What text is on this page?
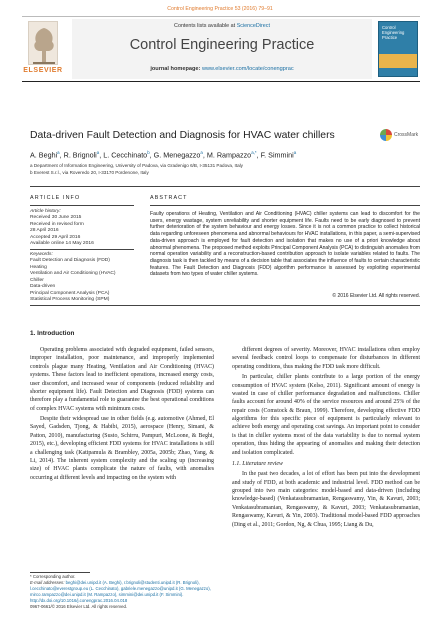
Control Engineering Practice 53 (2016) 79–91
ELSEVIER
Contents lists available at ScienceDirect
Control Engineering Practice
journal homepage: www.elsevier.com/locate/conengprac
Control Engineering Practice
Data-driven Fault Detection and Diagnosis for HVAC water chillers	CrossMark
A. Beghi$^a$, R. Brignoli$^a$, L. Cecchinato$^b$, G. Menegazzo$^a$, M. Rampazzo$^{a,*}$, F. Simmini$^a$
a Department of Information Engineering, University of Padova, via Gradenigo 6/B, I-35131 Padova, Italy
b Everest S.r.l., via Roveredo 20, I-33170 Pordenone, Italy
ARTICLE INFO	ABSTRACT
Article history:
Received 30 June 2015
Received in revised form
28 April 2016
Accepted 29 April 2016
Available online 14 May 2016
Keywords:
Fault Detection and Diagnosis (FDD)
Heating
Ventilation and Air Conditioning (HVAC)
Chiller
Data-driven
Principal Component Analysis (PCA)
Statistical Process Monitoring (SPM)
Faulty operations of Heating, Ventilation and Air Conditioning (HVAC) chiller systems can lead to discomfort for the users, energy wastage, system unreliability and shorter equipment life. Faults need to be early diagnosed to prevent further deterioration of the system behaviour and energy losses. Since it is not a common practice to collect historical data regarding unforeseen phenomena and abnormal behaviours for HVAC installations, in this paper, a semi-supervised data-driven approach is employed for fault detection and isolation that makes no use of a priori knowledge about abnormal phenomena. The proposed method exploits Principal Component Analysis (PCA) to distinguish anomalies from normal operation variability and a reconstruction-based contribution approach to isolate variables related to faults. The diagnosis task is then tackled by means of a decision table that associates the influence of faults to certain characteristic features. The Fault Detection and Diagnosis (FDD) algorithm performance is assessed by exploiting experimental datasets from two types of water chiller systems.
© 2016 Elsevier Ltd. All rights reserved.
1. Introduction

Operating problems associated with degraded equipment, failed sensors, improper installation, poor maintenance, and improperly implemented controls plague many Heating, Ventilation and Air Conditioning (HVAC) systems. These factors lead to inefficient operations, increased energy costs, user discomfort, and increased wear of components (reduced reliability and shorter equipment life). Fault Detection and Diagnosis (FDD) systems can therefore play a fundamental role to guarantee the best operational conditions of complex HVAC systems with minimum costs.

Despite their widespread use in other fields (e.g. automotive (Ahmed, El Sayed, Gadsden, Tjong, & Habibi, 2015), aerospace (Henry, Simani, & Patton, 2010), manufacturing (Susto, Schirru, Pampuri, McLoone, & Beghi, 2015), etc.), developing efficient FDD systems for HVAC installations is still a challenging task (Katipamula & Brambley, 2005a, 2005b; Zhao, Yang, & Li, 2014). The inherent system complexity and the scaling up (increasing size) of HVAC plants complicate the nature of faults, with anomalies occurring at different levels and impacting on the system with

different degrees of severity. Moreover, HVAC installations often employ several feedback control loops to compensate for disturbances in different operating conditions, thus making the FDD task more difficult.

In particular, chiller plants contribute to a large portion of the energy consumption of HVAC system (Kelso, 2011). Significant amount of energy is wasted in case of chiller performance degradation and malfunctions. Chiller faults account for around 40% of the service resources and around 25% of the repair costs (Comstock & Braun, 1999). Therefore, developing effective FDD algorithms for this specific piece of equipment is particularly relevant to achieve both energy and operating cost savings. An important point to consider is that in chiller systems most of the data variability is due to normal system operation, thus hiding the appearing of anomalies and making their detection and isolation complicated.

1.1. Literature review

In the past two decades, a lot of effort has been put into the development and study of FDD, at both academic and industrial level. FDD method can be grouped into two main categories: model-based and data-driven (including knowledge-based) (Venkatasubramanian, Rengaswamy, Yin, & Kavuri, 2003; Venkatasubramanian, Rengaswamy, & Kavuri, 2003; Venkatasubramanian, Rengaswamy, Kavuri, & Yin, 2003). Traditional model-based FDD approaches (Ding et al., 2011; Gordon, Ng, & Chua, 1995; Liang & Du,

* Corresponding author.
E-mail addresses: beghi@dei.unipd.it (A. Beghi), r.brignoli@studenti.unipd.it (R. Brignoli), l.cecchinato@everestgroup.eu (L. Cecchinato), gabriele.menegazzo@unipd.it (G. Menegazzo), mirco.rampazzo@dei.unipd.it (M. Rampazzo), simmini@dei.unipd.it (F. Simmini).
http://dx.doi.org/10.1016/j.conengprac.2016.04.018
0967-0661/© 2016 Elsevier Ltd. All rights reserved.
